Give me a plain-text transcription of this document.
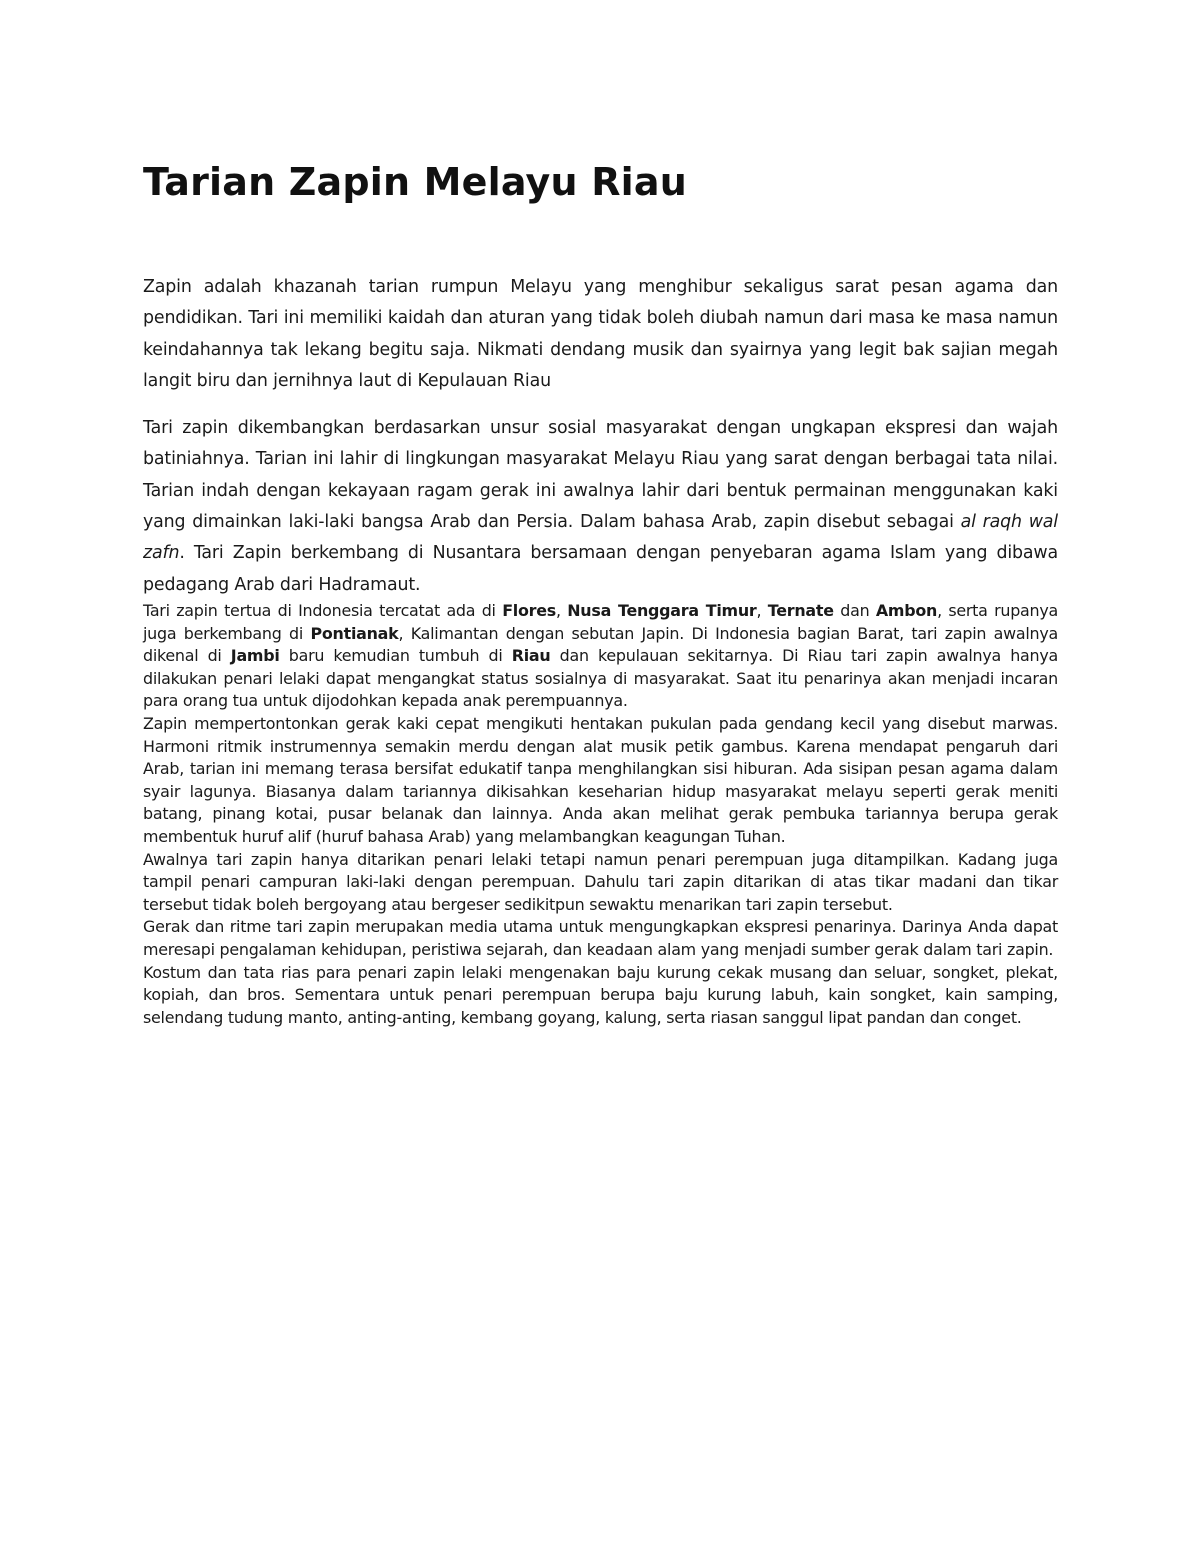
Tarian Zapin Melayu Riau

Zapin adalah khazanah tarian rumpun Melayu yang menghibur sekaligus sarat pesan agama dan pendidikan. Tari ini memiliki kaidah dan aturan yang tidak boleh diubah namun dari masa ke masa namun keindahannya tak lekang begitu saja. Nikmati dendang musik dan syairnya yang legit bak sajian megah langit biru dan jernihnya laut di Kepulauan Riau

Tari zapin dikembangkan berdasarkan unsur sosial masyarakat dengan ungkapan ekspresi dan wajah batiniahnya. Tarian ini lahir di lingkungan masyarakat Melayu Riau yang sarat dengan berbagai tata nilai. Tarian indah dengan kekayaan ragam gerak ini awalnya lahir dari bentuk permainan menggunakan kaki yang dimainkan laki-laki bangsa Arab dan Persia. Dalam bahasa Arab, zapin disebut sebagai al raqh wal zafn. Tari Zapin berkembang di Nusantara bersamaan dengan penyebaran agama Islam yang dibawa pedagang Arab dari Hadramaut.

Tari zapin tertua di Indonesia tercatat ada di Flores, Nusa Tenggara Timur, Ternate dan Ambon, serta rupanya juga berkembang di Pontianak, Kalimantan dengan sebutan Japin. Di Indonesia bagian Barat, tari zapin awalnya dikenal di Jambi baru kemudian tumbuh di Riau dan kepulauan sekitarnya. Di Riau tari zapin awalnya hanya dilakukan penari lelaki dapat mengangkat status sosialnya di masyarakat. Saat itu penarinya akan menjadi incaran para orang tua untuk dijodohkan kepada anak perempuannya.

Zapin mempertontonkan gerak kaki cepat mengikuti hentakan pukulan pada gendang kecil yang disebut marwas. Harmoni ritmik instrumennya semakin merdu dengan alat musik petik gambus. Karena mendapat pengaruh dari Arab, tarian ini memang terasa bersifat edukatif tanpa menghilangkan sisi hiburan. Ada sisipan pesan agama dalam syair lagunya. Biasanya dalam tariannya dikisahkan keseharian hidup masyarakat melayu seperti gerak meniti batang, pinang kotai, pusar belanak dan lainnya. Anda akan melihat gerak pembuka tariannya berupa gerak membentuk huruf alif (huruf bahasa Arab) yang melambangkan keagungan Tuhan.

Awalnya tari zapin hanya ditarikan penari lelaki tetapi namun penari perempuan juga ditampilkan. Kadang juga tampil penari campuran laki-laki dengan perempuan. Dahulu tari zapin ditarikan di atas tikar madani dan tikar tersebut tidak boleh bergoyang atau bergeser sedikitpun sewaktu menarikan tari zapin tersebut.

Gerak dan ritme tari zapin merupakan media utama untuk mengungkapkan ekspresi penarinya. Darinya Anda dapat meresapi pengalaman kehidupan, peristiwa sejarah, dan keadaan alam yang menjadi sumber gerak dalam tari zapin.

Kostum dan tata rias para penari zapin lelaki mengenakan baju kurung cekak musang dan seluar, songket, plekat, kopiah, dan bros. Sementara untuk penari perempuan berupa baju kurung labuh, kain songket, kain samping, selendang tudung manto, anting-anting, kembang goyang, kalung, serta riasan sanggul lipat pandan dan conget.
